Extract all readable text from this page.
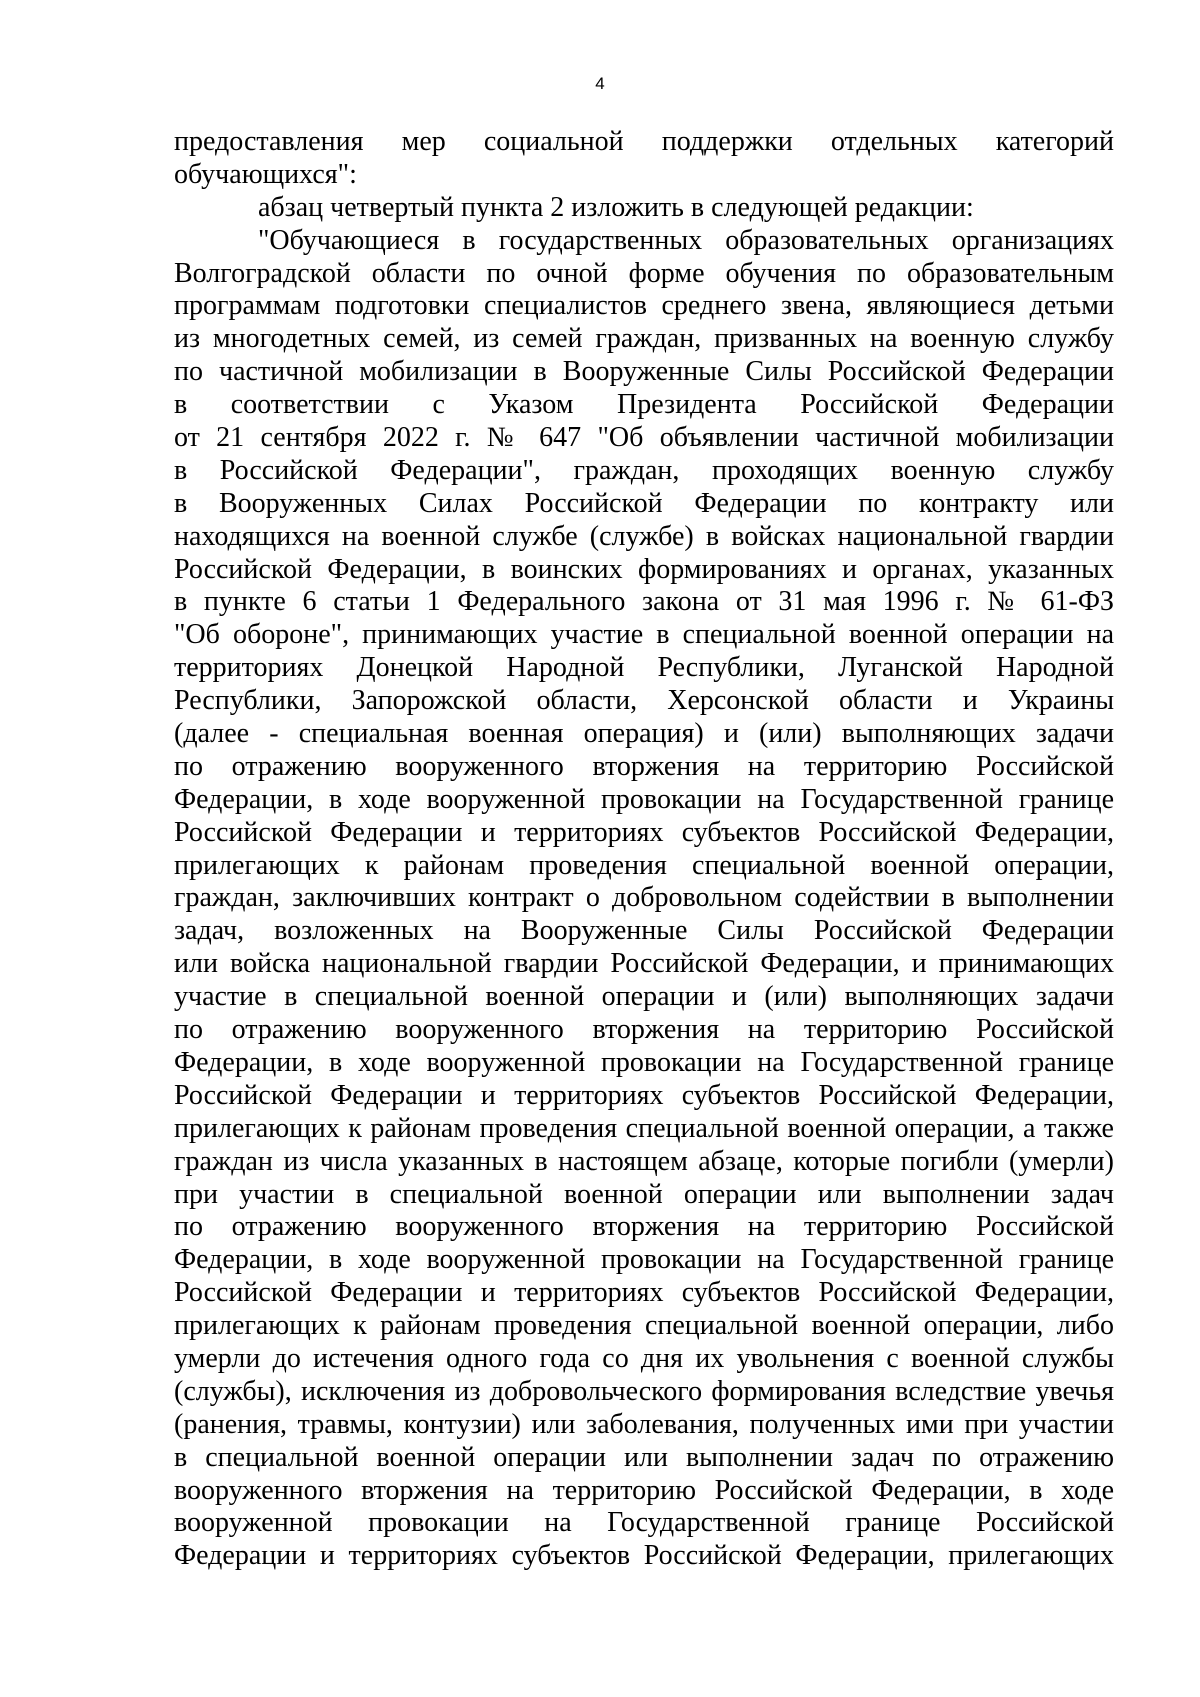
4
предоставления мер социальной поддержки отдельных категорий
обучающихся":
абзац четвертый пункта 2 изложить в следующей редакции:
"Обучающиеся в государственных образовательных организациях
Волгоградской области по очной форме обучения по образовательным
программам подготовки специалистов среднего звена, являющиеся детьми
из многодетных семей, из семей граждан, призванных на военную службу
по частичной мобилизации в Вооруженные Силы Российской Федерации
в соответствии с Указом Президента Российской Федерации
от 21 сентября 2022 г. № 647 "Об объявлении частичной мобилизации
в Российской Федерации", граждан, проходящих военную службу
в Вооруженных Силах Российской Федерации по контракту или
находящихся на военной службе (службе) в войсках национальной гвардии
Российской Федерации, в воинских формированиях и органах, указанных
в пункте 6 статьи 1 Федерального закона от 31 мая 1996 г. № 61-ФЗ
"Об обороне", принимающих участие в специальной военной операции на
территориях Донецкой Народной Республики, Луганской Народной
Республики, Запорожской области, Херсонской области и Украины
(далее - специальная военная операция) и (или) выполняющих задачи
по отражению вооруженного вторжения на территорию Российской
Федерации, в ходе вооруженной провокации на Государственной границе
Российской Федерации и территориях субъектов Российской Федерации,
прилегающих к районам проведения специальной военной операции,
граждан, заключивших контракт о добровольном содействии в выполнении
задач, возложенных на Вооруженные Силы Российской Федерации
или войска национальной гвардии Российской Федерации, и принимающих
участие в специальной военной операции и (или) выполняющих задачи
по отражению вооруженного вторжения на территорию Российской
Федерации, в ходе вооруженной провокации на Государственной границе
Российской Федерации и территориях субъектов Российской Федерации,
прилегающих к районам проведения специальной военной операции, а также
граждан из числа указанных в настоящем абзаце, которые погибли (умерли)
при участии в специальной военной операции или выполнении задач
по отражению вооруженного вторжения на территорию Российской
Федерации, в ходе вооруженной провокации на Государственной границе
Российской Федерации и территориях субъектов Российской Федерации,
прилегающих к районам проведения специальной военной операции, либо
умерли до истечения одного года со дня их увольнения с военной службы
(службы), исключения из добровольческого формирования вследствие увечья
(ранения, травмы, контузии) или заболевания, полученных ими при участии
в специальной военной операции или выполнении задач по отражению
вооруженного вторжения на территорию Российской Федерации, в ходе
вооруженной провокации на Государственной границе Российской
Федерации и территориях субъектов Российской Федерации, прилегающих
